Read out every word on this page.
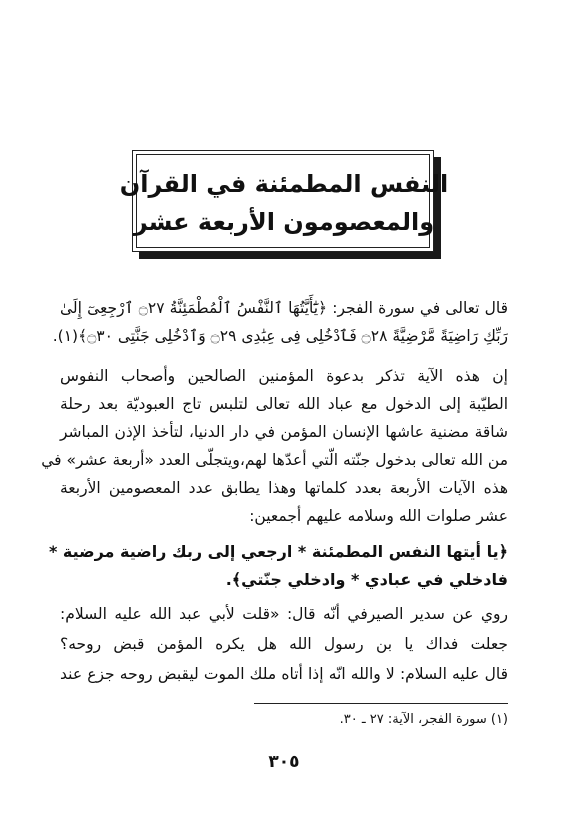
النفس المطمئنة في القرآن
والمعصومون الأربعة عشر
قال تعالى في سورة الفجر: ﴿يَٰٓأَيَّتُهَا ٱلنَّفْسُ ٱلْمُطْمَئِنَّةُ ۝٢٧ ٱرْجِعِىٓ إِلَىٰ
رَبِّكِ رَاضِيَةً مَّرْضِيَّةً ۝٢٨ فَٱدْخُلِى فِى عِبَٰدِى ۝٢٩ وَٱدْخُلِى جَنَّتِى ۝٣٠﴾(١).
إن هذه الآية تذكر بدعوة المؤمنين الصالحين وأصحاب النفوس
الطيّبة إلى الدخول مع عباد الله تعالى لتلبس تاج العبوديّة بعد رحلة
شاقة مضنية عاشها الإنسان المؤمن في دار الدنيا، لتأخذ الإذن المباشر
من الله تعالى بدخول جنّته الّتي أعدّها لهم،ويتجلّى العدد «أربعة عشر» في
هذه الآيات الأربعة بعدد كلماتها وهذا يطابق عدد المعصومين الأربعة
عشر صلوات الله وسلامه عليهم أجمعين:
﴿يا أيتها النفس المطمئنة * ارجعي إلى ربك راضية مرضية *
فادخلي في عبادي * وادخلي جنّتي﴾.
روي عن سدير الصيرفي أنّه قال: «قلت لأبي عبد الله عليه السلام:
جعلت فداك يا بن رسول الله هل يكره المؤمن قبض روحه؟
قال عليه السلام: لا والله انّه إذا أتاه ملك الموت ليقبض روحه جزع عند
(١) سورة الفجر، الآية: ٢٧ ـ ٣٠.
٣٠٥
